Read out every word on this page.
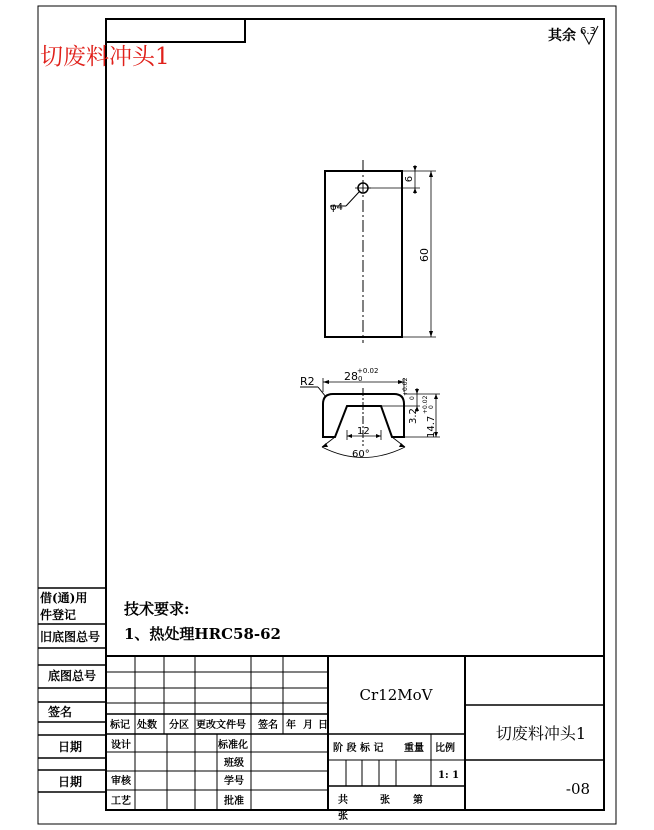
切废料冲头1
其余 6.3
φ4
6
60
R2	28 +0.02
0
12
60°
3.2
+0.02
0
14.7
+0.02 0
技术要求:
1、热处理HRC58-62
借(通)用
件登记
旧底图总号
底图总号
签名
日期
日期
Cr12MoV
切废料冲头1
-08
标记 处数 分区 更改文件号 签名 年 月 日
设计	标准化
班级
审核	学号
工艺	批准
阶 段 标 记 重量 比例
1: 1
共	张 第
张
